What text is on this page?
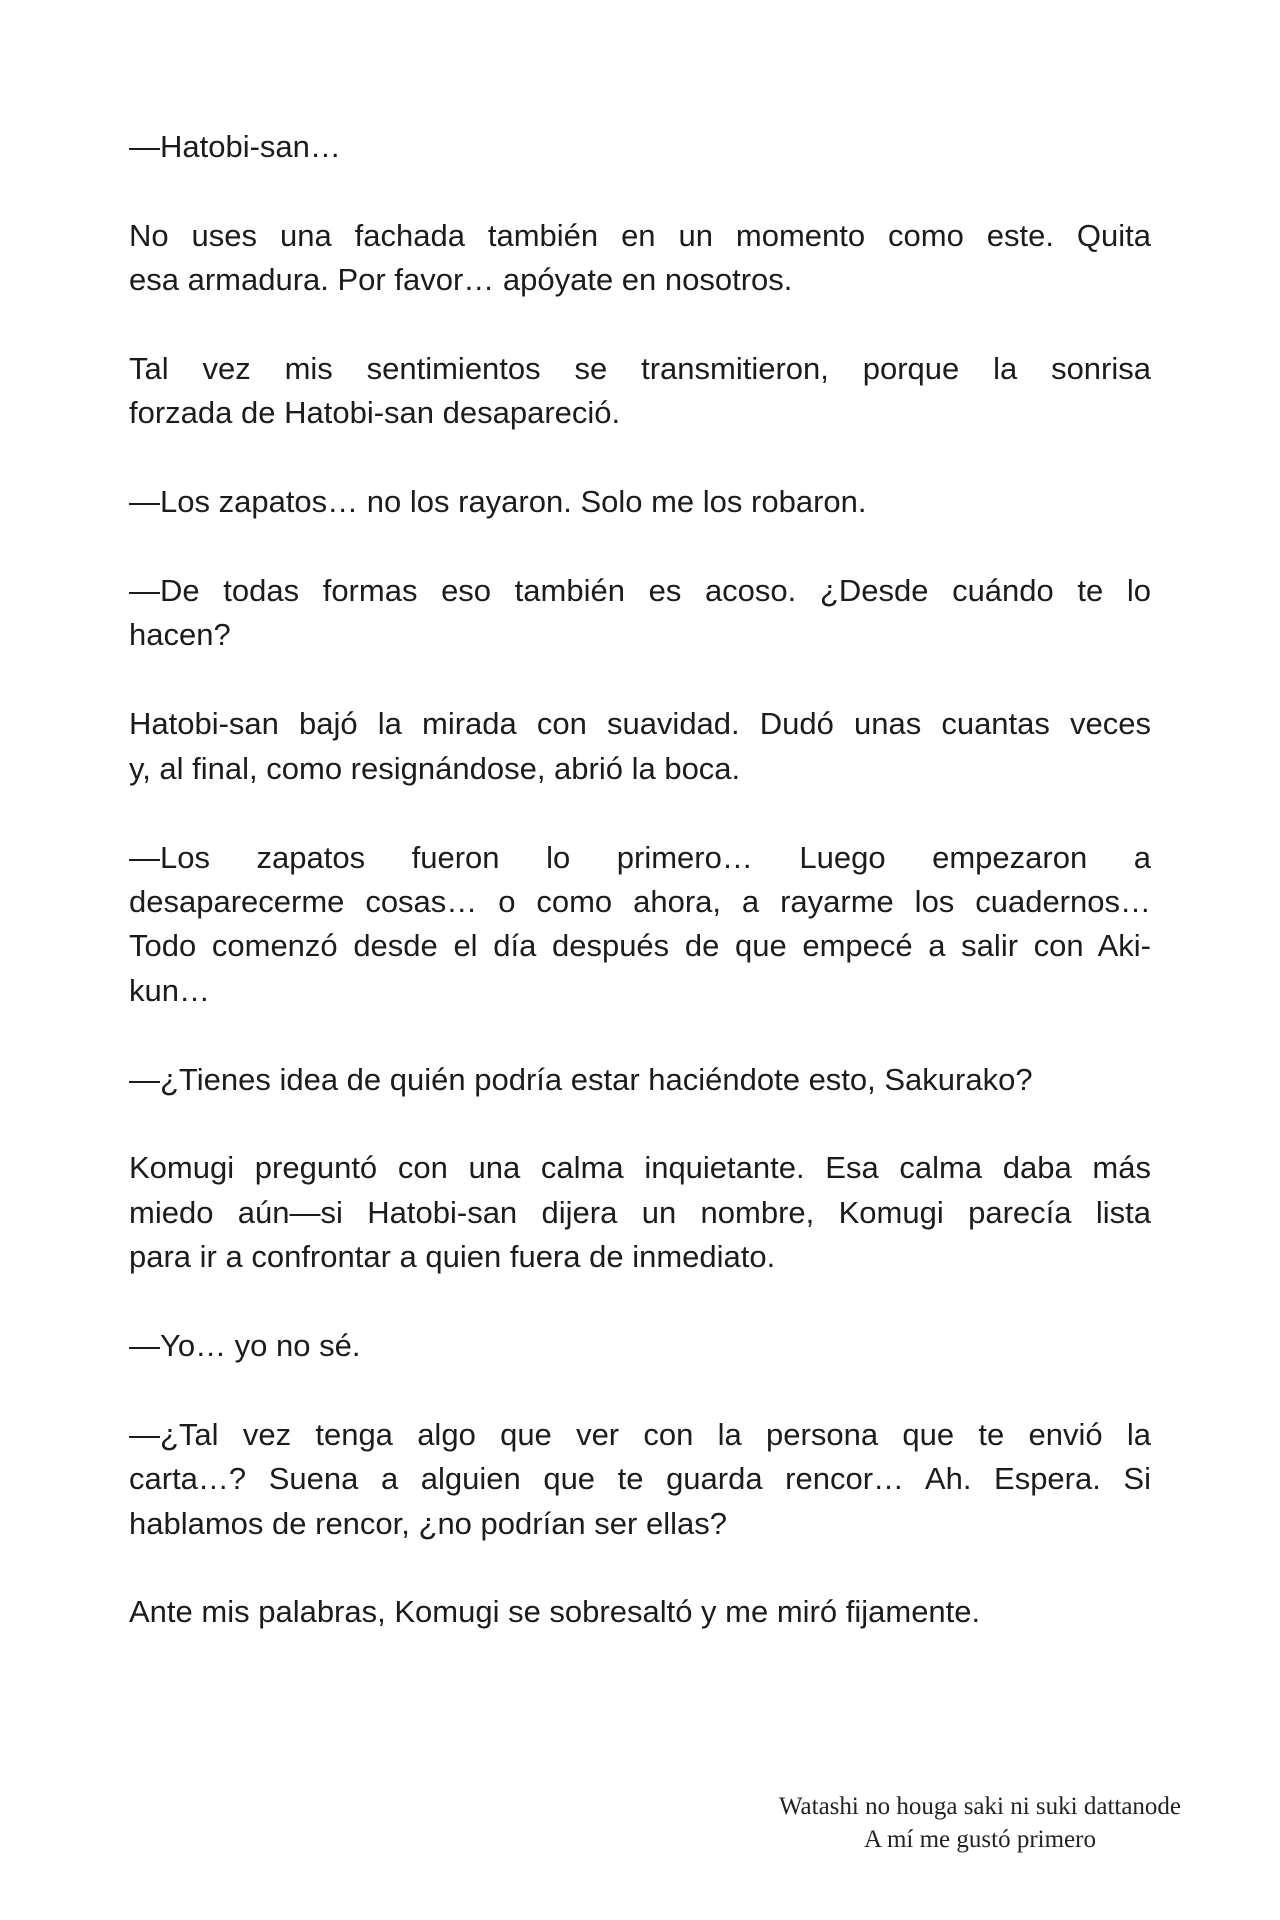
—Hatobi-san…

No uses una fachada también en un momento como este. Quita
esa armadura. Por favor… apóyate en nosotros.

Tal vez mis sentimientos se transmitieron, porque la sonrisa
forzada de Hatobi-san desapareció.

—Los zapatos… no los rayaron. Solo me los robaron.

—De todas formas eso también es acoso. ¿Desde cuándo te lo
hacen?

Hatobi-san bajó la mirada con suavidad. Dudó unas cuantas veces
y, al final, como resignándose, abrió la boca.

—Los zapatos fueron lo primero… Luego empezaron a
desaparecerme cosas… o como ahora, a rayarme los cuadernos…
Todo comenzó desde el día después de que empecé a salir con Aki-
kun…

—¿Tienes idea de quién podría estar haciéndote esto, Sakurako?

Komugi preguntó con una calma inquietante. Esa calma daba más
miedo aún—si Hatobi-san dijera un nombre, Komugi parecía lista
para ir a confrontar a quien fuera de inmediato.

—Yo… yo no sé.

—¿Tal vez tenga algo que ver con la persona que te envió la
carta…? Suena a alguien que te guarda rencor… Ah. Espera. Si
hablamos de rencor, ¿no podrían ser ellas?

Ante mis palabras, Komugi se sobresaltó y me miró fijamente.

Watashi no houga saki ni suki dattanode
A mí me gustó primero
